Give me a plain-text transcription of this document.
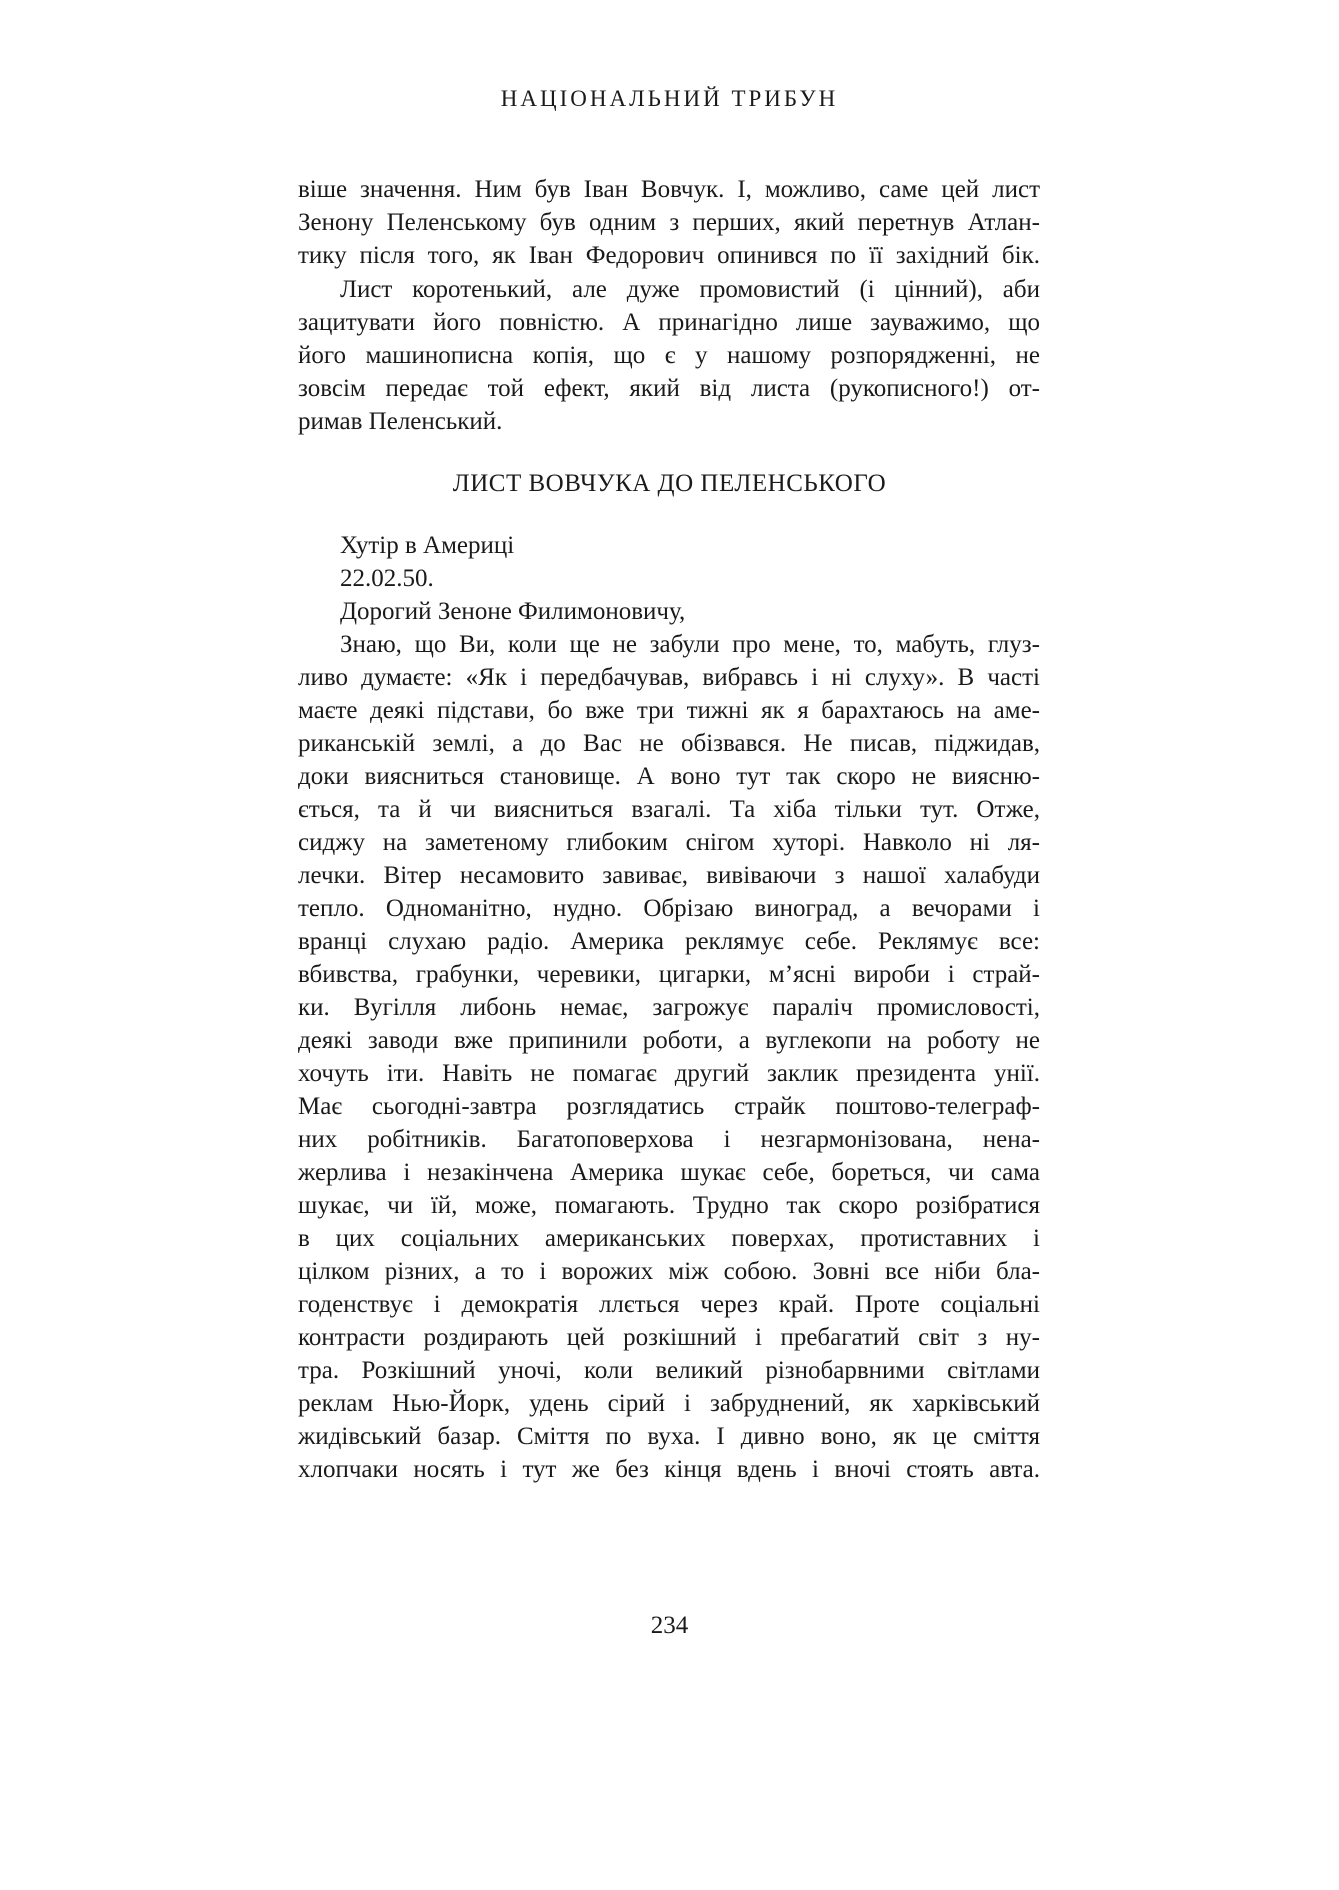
НАЦІОНАЛЬНИЙ ТРИБУН
віше значення. Ним був Іван Вовчук. І, можливо, саме цей лист
Зенону Пеленському був одним з перших, який перетнув Атлан-
тику після того, як Іван Федорович опинився по її західний бік.
Лист коротенький, але дуже промовистий (і цінний), аби
зацитувати його повністю. А принагідно лише зауважимо, що
його машинописна копія, що є у нашому розпорядженні, не
зовсім передає той ефект, який від листа (рукописного!) от-
римав Пеленський.
ЛИСТ ВОВЧУКА ДО ПЕЛЕНСЬКОГО
Хутір в Америці
22.02.50.
Дорогий Зеноне Филимоновичу,
Знаю, що Ви, коли ще не забули про мене, то, мабуть, глуз-
ливо думаєте: «Як і передбачував, вибравсь і ні слуху». В часті
маєте деякі підстави, бо вже три тижні як я барахтаюсь на аме-
риканській землі, а до Вас не обізвався. Не писав, піджидав,
доки вияснитьcя становище. А воно тут так скоро не виясню-
ється, та й чи вияснитьcя взагалі. Та хіба тільки тут. Отже,
сиджу на заметеному глибоким снігом хуторі. Навколо ні ля-
лечки. Вітер несамовито завиває, вивіваючи з нашої халабуди
тепло. Одноманітно, нудно. Обрізаю виноград, а вечорами і
вранці слухаю радіо. Америка реклямує себе. Реклямує все:
вбивства, грабунки, черевики, цигарки, м’ясні вироби і страй-
ки. Вугілля либонь немає, загрожує параліч промисловості,
деякі заводи вже припинили роботи, а вуглекопи на роботу не
хочуть іти. Навіть не помагає другий заклик президента унії.
Має сьогодні-завтра розглядатись страйк поштово-телеграф-
них робітників. Багатоповерхова і незгармонізована, нена-
жерлива і незакінчена Америка шукає себе, бореться, чи сама
шукає, чи їй, може, помагають. Трудно так скоро розібратися
в цих соціальних американських поверхах, протиставних і
цілком різних, а то і ворожих між собою. Зовні все ніби бла-
годенствує і демократія ллється через край. Проте соціальні
контрасти роздирають цей розкішний і пребагатий світ з ну-
тра. Розкішний уночі, коли великий різнобарвними світлами
реклам Нью-Йорк, удень сірий і забруднений, як харківський
жидівський базар. Сміття по вуха. І дивно воно, як це сміття
хлопчаки носять і тут же без кінця вдень і вночі стоять авта.
234
